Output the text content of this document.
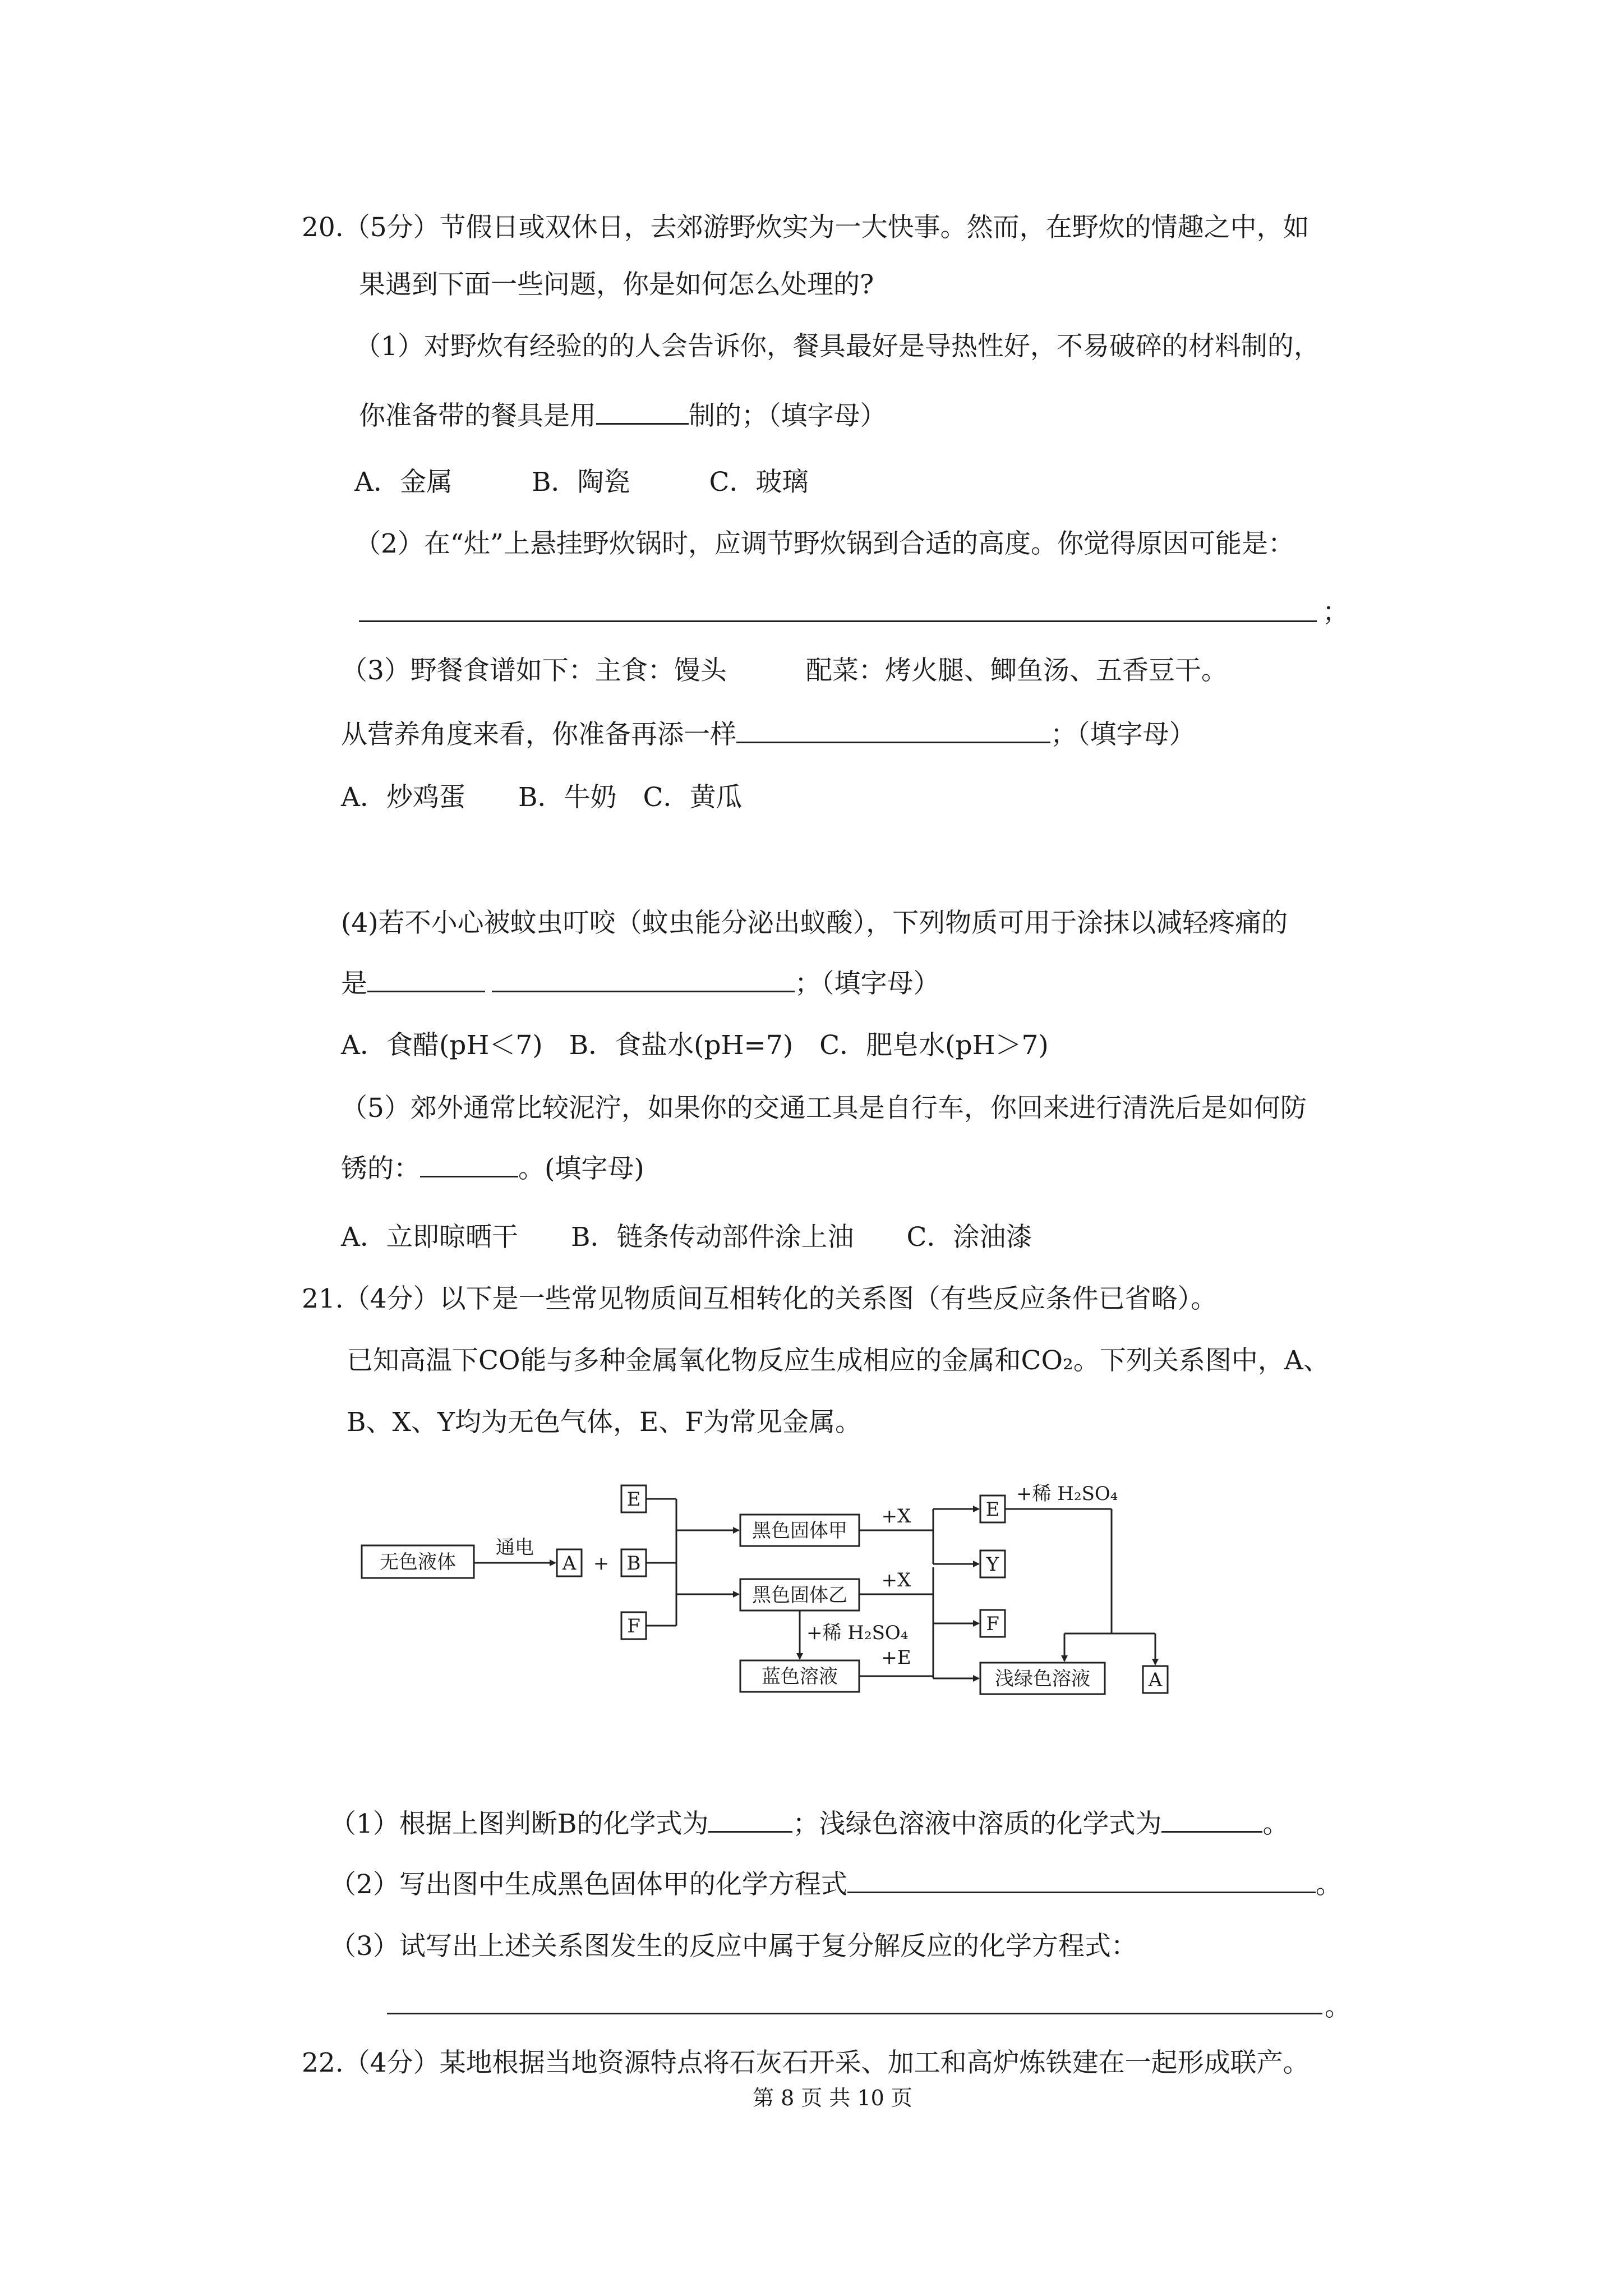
20.（5分）节假日或双休日，去郊游野炊实为一大快事。然而，在野炊的情趣之中，如
果遇到下面一些问题，你是如何怎么处理的?
（1）对野炊有经验的的人会告诉你，餐具最好是导热性好，不易破碎的材料制的，
你准备带的餐具是用	制的；（填字母）
A．金属　　　B．陶瓷　　　C．玻璃
（2）在“灶”上悬挂野炊锅时，应调节野炊锅到合适的高度。你觉得原因可能是：
；
（3）野餐食谱如下：主食：馒头　　　配菜：烤火腿、鲫鱼汤、五香豆干。
从营养角度来看，你准备再添一样	；（填字母）
A．炒鸡蛋　　B．牛奶　C．黄瓜
(4)若不小心被蚊虫叮咬（蚊虫能分泌出蚁酸），下列物质可用于涂抹以减轻疼痛的
是	；（填字母）
A．食醋(pH＜7)　B．食盐水(pH=7)　C．肥皂水(pH＞7)
（5）郊外通常比较泥泞，如果你的交通工具是自行车，你回来进行清洗后是如何防
锈的：	。(填字母)
A．立即晾晒干　　B．链条传动部件涂上油　　C．涂油漆
21.（4分）以下是一些常见物质间互相转化的关系图（有些反应条件已省略）。
已知高温下CO能与多种金属氧化物反应生成相应的金属和CO₂。下列关系图中，A、
B、X、Y均为无色气体，E、F为常见金属。
无色液体
通电
A + B
E
F
黑色固体甲
黑色固体乙
蓝色溶液
+X
+X
+稀 H₂SO₄
+E
E
Y
F
+稀 H₂SO₄
浅绿色溶液	A
（1）根据上图判断B的化学式为	；浅绿色溶液中溶质的化学式为	。
（2）写出图中生成黑色固体甲的化学方程式	。
（3）试写出上述关系图发生的反应中属于复分解反应的化学方程式：
。
22.（4分）某地根据当地资源特点将石灰石开采、加工和高炉炼铁建在一起形成联产。
第 8 页 共 10 页
